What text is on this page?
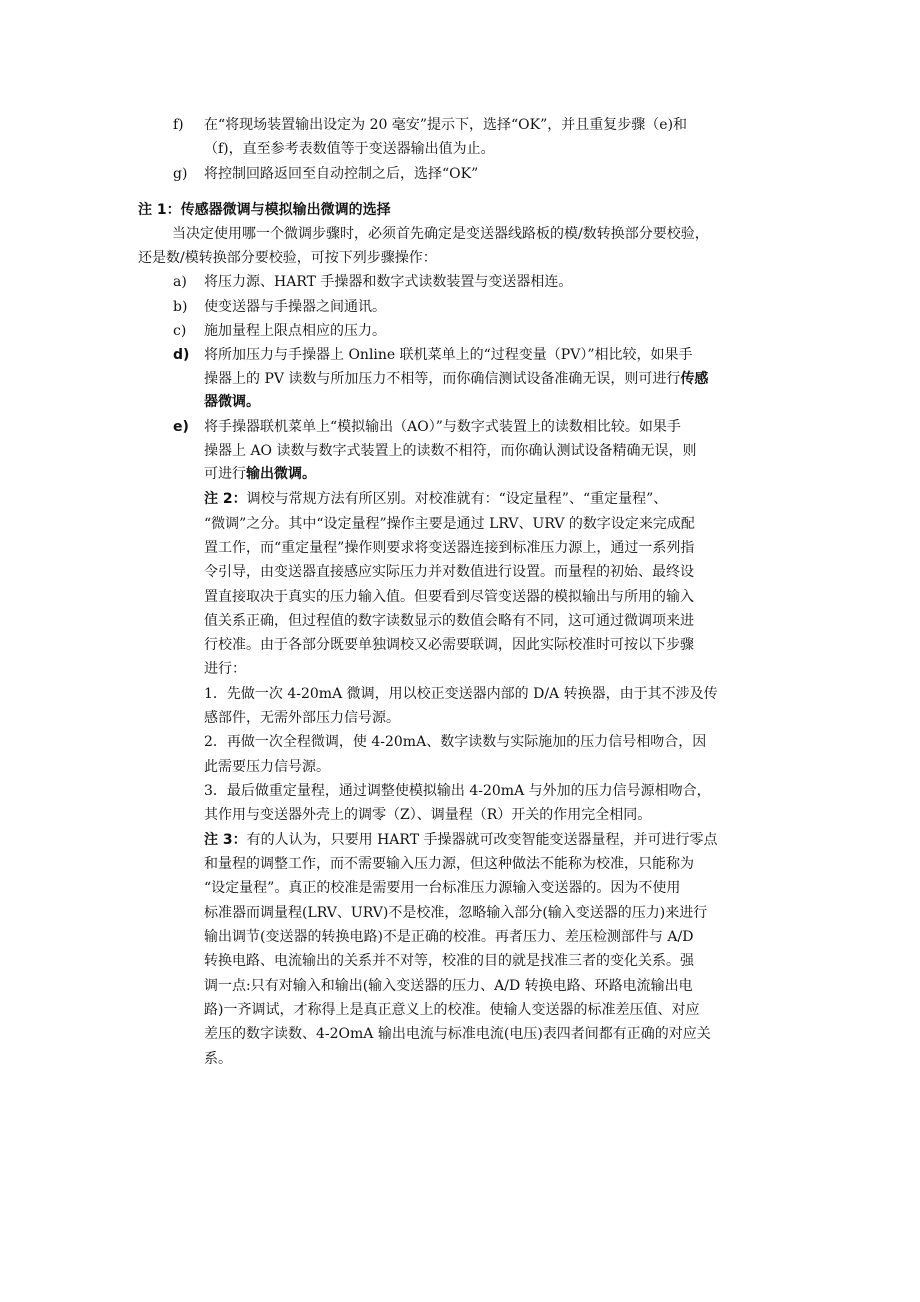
f) 在“将现场装置输出设定为 20 毫安”提示下，选择“OK”，并且重复步骤（e)和
（f)，直至参考表数值等于变送器输出值为止。
g) 将控制回路返回至自动控制之后，选择“OK”
注 1：传感器微调与模拟输出微调的选择
当决定使用哪一个微调步骤时，必须首先确定是变送器线路板的模/数转换部分要校验，
还是数/模转换部分要校验，可按下列步骤操作：
a) 将压力源、HART 手操器和数字式读数装置与变送器相连。
b) 使变送器与手操器之间通讯。
c) 施加量程上限点相应的压力。
d) 将所加压力与手操器上 Online 联机菜单上的“过程变量（PV）”相比较，如果手
操器上的 PV 读数与所加压力不相等，而你确信测试设备准确无误，则可进行传感
器微调。
e) 将手操器联机菜单上“模拟输出（AO）”与数字式装置上的读数相比较。如果手
操器上 AO 读数与数字式装置上的读数不相符，而你确认测试设备精确无误，则
可进行输出微调。
注 2：调校与常规方法有所区别。对校准就有：“设定量程”、“重定量程”、
“微调”之分。其中“设定量程”操作主要是通过 LRV、URV 的数字设定来完成配
置工作，而“重定量程”操作则要求将变送器连接到标准压力源上，通过一系列指
令引导，由变送器直接感应实际压力并对数值进行设置。而量程的初始、最终设
置直接取决于真实的压力输入值。但要看到尽管变送器的模拟输出与所用的输入
值关系正确，但过程值的数字读数显示的数值会略有不同，这可通过微调项来进
行校准。由于各部分既要单独调校又必需要联调，因此实际校准时可按以下步骤
进行：
1．先做一次 4-20mA 微调，用以校正变送器内部的 D/A 转换器，由于其不涉及传
感部件，无需外部压力信号源。
2．再做一次全程微调，使 4-20mA、数字读数与实际施加的压力信号相吻合，因
此需要压力信号源。
3．最后做重定量程，通过调整使模拟输出 4-20mA 与外加的压力信号源相吻合，
其作用与变送器外壳上的调零（Z）、调量程（R）开关的作用完全相同。
注 3：有的人认为，只要用 HART 手操器就可改变智能变送器量程，并可进行零点
和量程的调整工作，而不需要输入压力源，但这种做法不能称为校准，只能称为
“设定量程”。真正的校准是需要用一台标准压力源输入变送器的。因为不使用
标准器而调量程(LRV、URV)不是校准，忽略输入部分(输入变送器的压力)来进行
输出调节(变送器的转换电路)不是正确的校准。再者压力、差压检测部件与 A/D
转换电路、电流输出的关系并不对等，校准的目的就是找准三者的变化关系。强
调一点:只有对输入和输出(输入变送器的压力、A/D 转换电路、环路电流输出电
路)一齐调试，才称得上是真正意义上的校准。使输人变送器的标准差压值、对应
差压的数字读数、4-2OmA 输出电流与标准电流(电压)表四者间都有正确的对应关
系。
